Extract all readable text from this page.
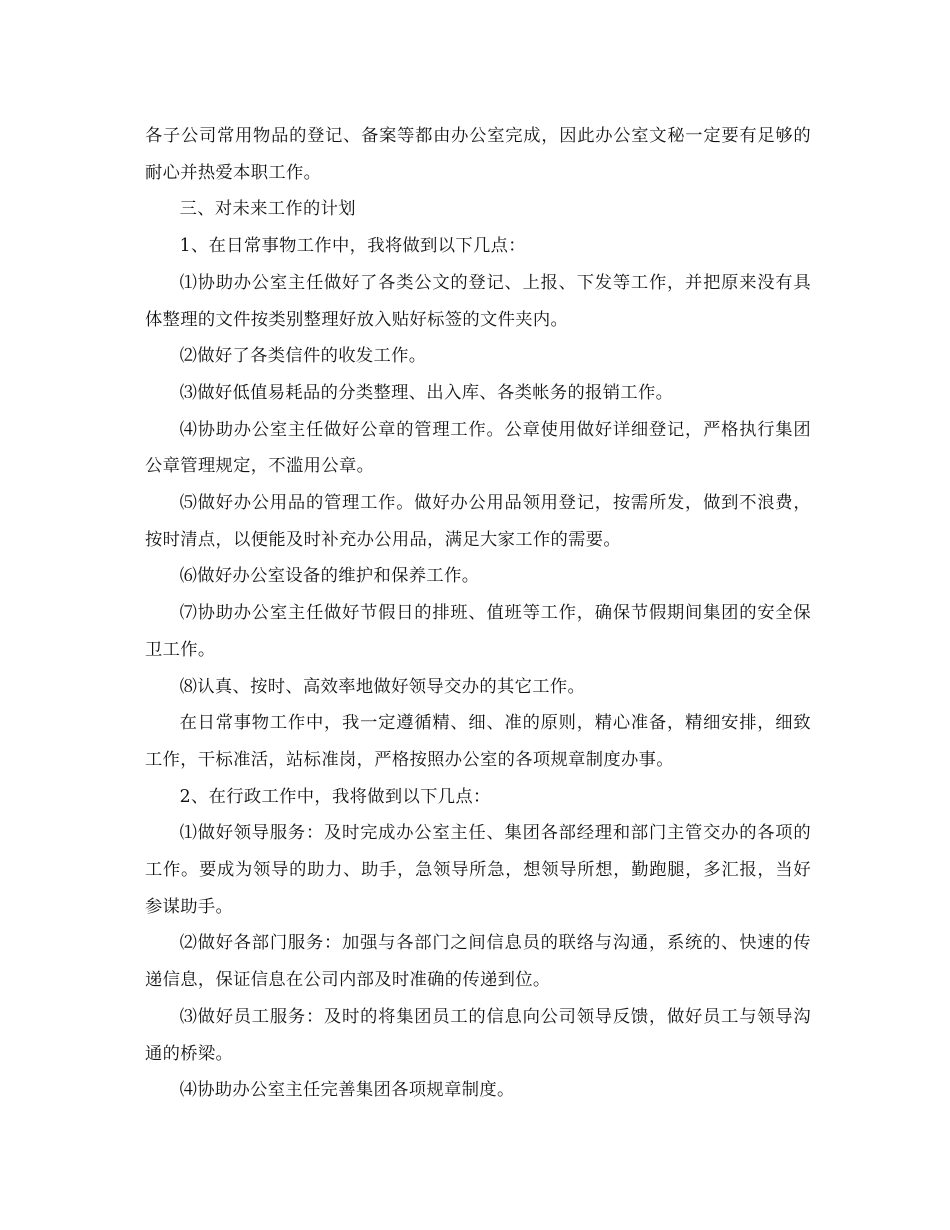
各子公司常用物品的登记、备案等都由办公室完成，因此办公室文秘一定要有足够的耐心并热爱本职工作。

三、对未来工作的计划

1、在日常事物工作中，我将做到以下几点：

⑴协助办公室主任做好了各类公文的登记、上报、下发等工作，并把原来没有具体整理的文件按类别整理好放入贴好标签的文件夹内。

⑵做好了各类信件的收发工作。

⑶做好低值易耗品的分类整理、出入库、各类帐务的报销工作。

⑷协助办公室主任做好公章的管理工作。公章使用做好详细登记，严格执行集团公章管理规定，不滥用公章。

⑸做好办公用品的管理工作。做好办公用品领用登记，按需所发，做到不浪费，按时清点，以便能及时补充办公用品，满足大家工作的需要。

⑹做好办公室设备的维护和保养工作。

⑺协助办公室主任做好节假日的排班、值班等工作，确保节假期间集团的安全保卫工作。

⑻认真、按时、高效率地做好领导交办的其它工作。

在日常事物工作中，我一定遵循精、细、准的原则，精心准备，精细安排，细致工作，干标准活，站标准岗，严格按照办公室的各项规章制度办事。

2、在行政工作中，我将做到以下几点：

⑴做好领导服务：及时完成办公室主任、集团各部经理和部门主管交办的各项的工作。要成为领导的助力、助手，急领导所急，想领导所想，勤跑腿，多汇报，当好参谋助手。

⑵做好各部门服务：加强与各部门之间信息员的联络与沟通，系统的、快速的传递信息，保证信息在公司内部及时准确的传递到位。

⑶做好员工服务：及时的将集团员工的信息向公司领导反馈，做好员工与领导沟通的桥梁。

⑷协助办公室主任完善集团各项规章制度。
